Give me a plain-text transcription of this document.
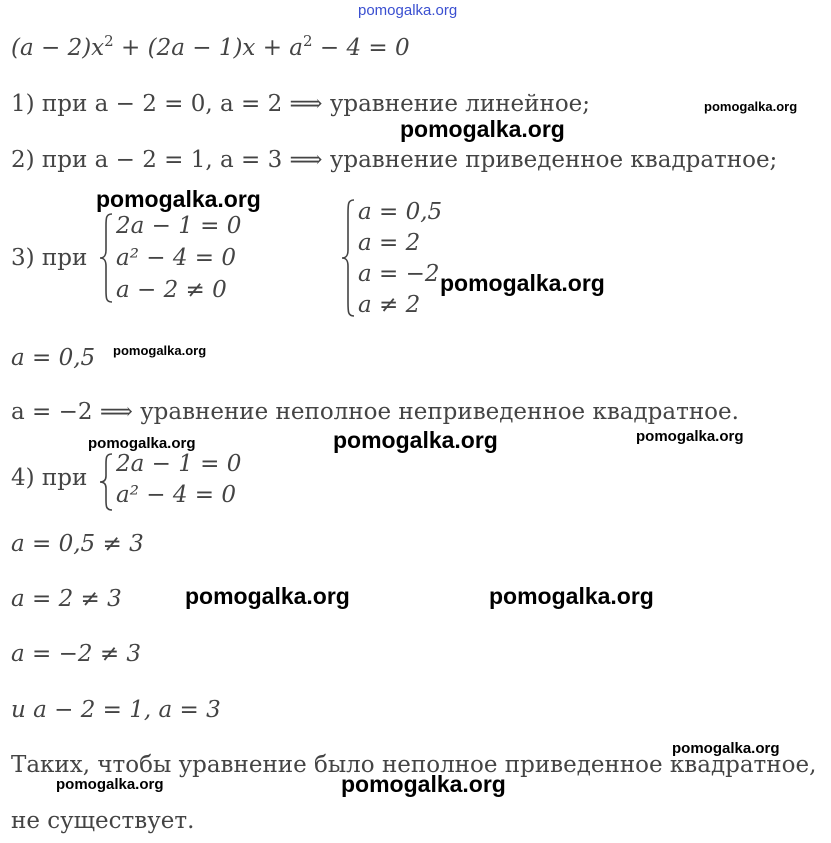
pomogalka.org
pomogalka.org
pomogalka.org
pomogalka.org
pomogalka.org
pomogalka.org
pomogalka.org	pomogalka.org	pomogalka.org
pomogalka.org	pomogalka.org
pomogalka.org
pomogalka.org	pomogalka.org
$(a - 2)x^2 + (2a - 1)x + a^2 - 4 = 0$
1) при a − 2 = 0, a = 2 ⟹ уравнение линейное;
2) при a − 2 = 1, a = 3 ⟹ уравнение приведенное квадратное;
3) при
2a − 1 = 0
a² − 4 = 0
a − 2 ≠ 0
a = 0,5
a = 2
a = −2
a ≠ 2
a = 0,5
a = −2 ⟹ уравнение неполное неприведенное квадратное.
4) при
2a − 1 = 0
a² − 4 = 0
a = 0,5 ≠ 3
a = 2 ≠ 3
a = −2 ≠ 3
и a − 2 = 1, a = 3
Таких, чтобы уравнение было неполное приведенное квадратное,
не существует.
